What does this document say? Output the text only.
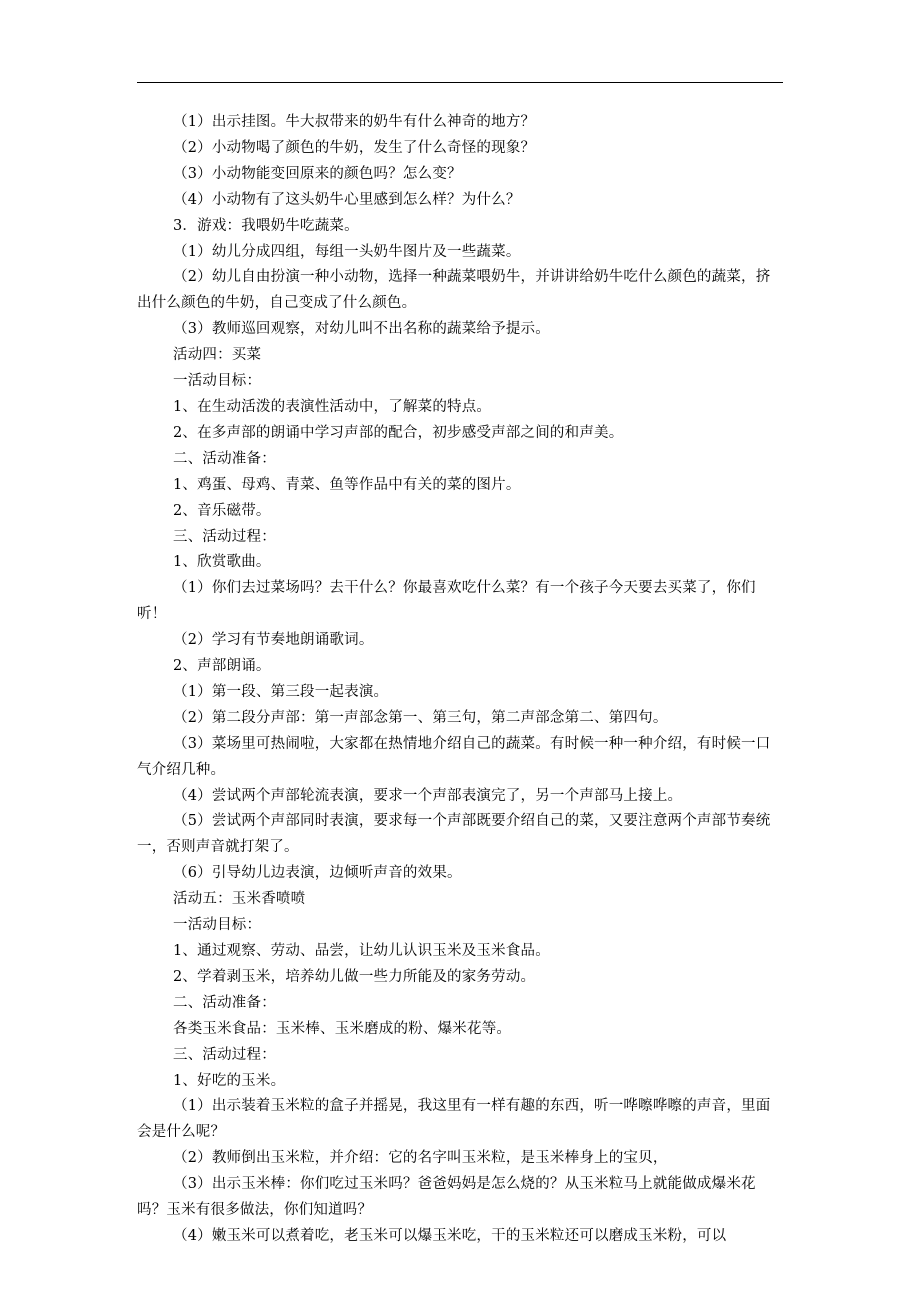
（1）出示挂图。牛大叔带来的奶牛有什么神奇的地方？

（2）小动物喝了颜色的牛奶，发生了什么奇怪的现象？

（3）小动物能变回原来的颜色吗？怎么变？

（4）小动物有了这头奶牛心里感到怎么样？为什么？

3．游戏：我喂奶牛吃蔬菜。

（1）幼儿分成四组，每组一头奶牛图片及一些蔬菜。

（2）幼儿自由扮演一种小动物，选择一种蔬菜喂奶牛，并讲讲给奶牛吃什么颜色的蔬菜，挤出什么颜色的牛奶，自己变成了什么颜色。

（3）教师巡回观察，对幼儿叫不出名称的蔬菜给予提示。

活动四：买菜

一活动目标：

1、在生动活泼的表演性活动中，了解菜的特点。

2、在多声部的朗诵中学习声部的配合，初步感受声部之间的和声美。

二、活动准备：

1、鸡蛋、母鸡、青菜、鱼等作品中有关的菜的图片。

2、音乐磁带。

三、活动过程：

1、欣赏歌曲。

（1）你们去过菜场吗？去干什么？你最喜欢吃什么菜？有一个孩子今天要去买菜了，你们听！

（2）学习有节奏地朗诵歌词。

2、声部朗诵。

（1）第一段、第三段一起表演。

（2）第二段分声部：第一声部念第一、第三句，第二声部念第二、第四句。

（3）菜场里可热闹啦，大家都在热情地介绍自己的蔬菜。有时候一种一种介绍，有时候一口气介绍几种。

（4）尝试两个声部轮流表演，要求一个声部表演完了，另一个声部马上接上。

（5）尝试两个声部同时表演，要求每一个声部既要介绍自己的菜，又要注意两个声部节奏统一，否则声音就打架了。

（6）引导幼儿边表演，边倾听声音的效果。

活动五：玉米香喷喷

一活动目标：

1、通过观察、劳动、品尝，让幼儿认识玉米及玉米食品。

2、学着剥玉米，培养幼儿做一些力所能及的家务劳动。

二、活动准备：

各类玉米食品：玉米棒、玉米磨成的粉、爆米花等。

三、活动过程：

1、好吃的玉米。

（1）出示装着玉米粒的盒子并摇晃，我这里有一样有趣的东西，听一哗嚓哗嚓的声音，里面会是什么呢？

（2）教师倒出玉米粒，并介绍：它的名字叫玉米粒，是玉米棒身上的宝贝，

（3）出示玉米棒：你们吃过玉米吗？爸爸妈妈是怎么烧的？从玉米粒马上就能做成爆米花吗？玉米有很多做法，你们知道吗？

（4）嫩玉米可以煮着吃，老玉米可以爆玉米吃，干的玉米粒还可以磨成玉米粉，可以
